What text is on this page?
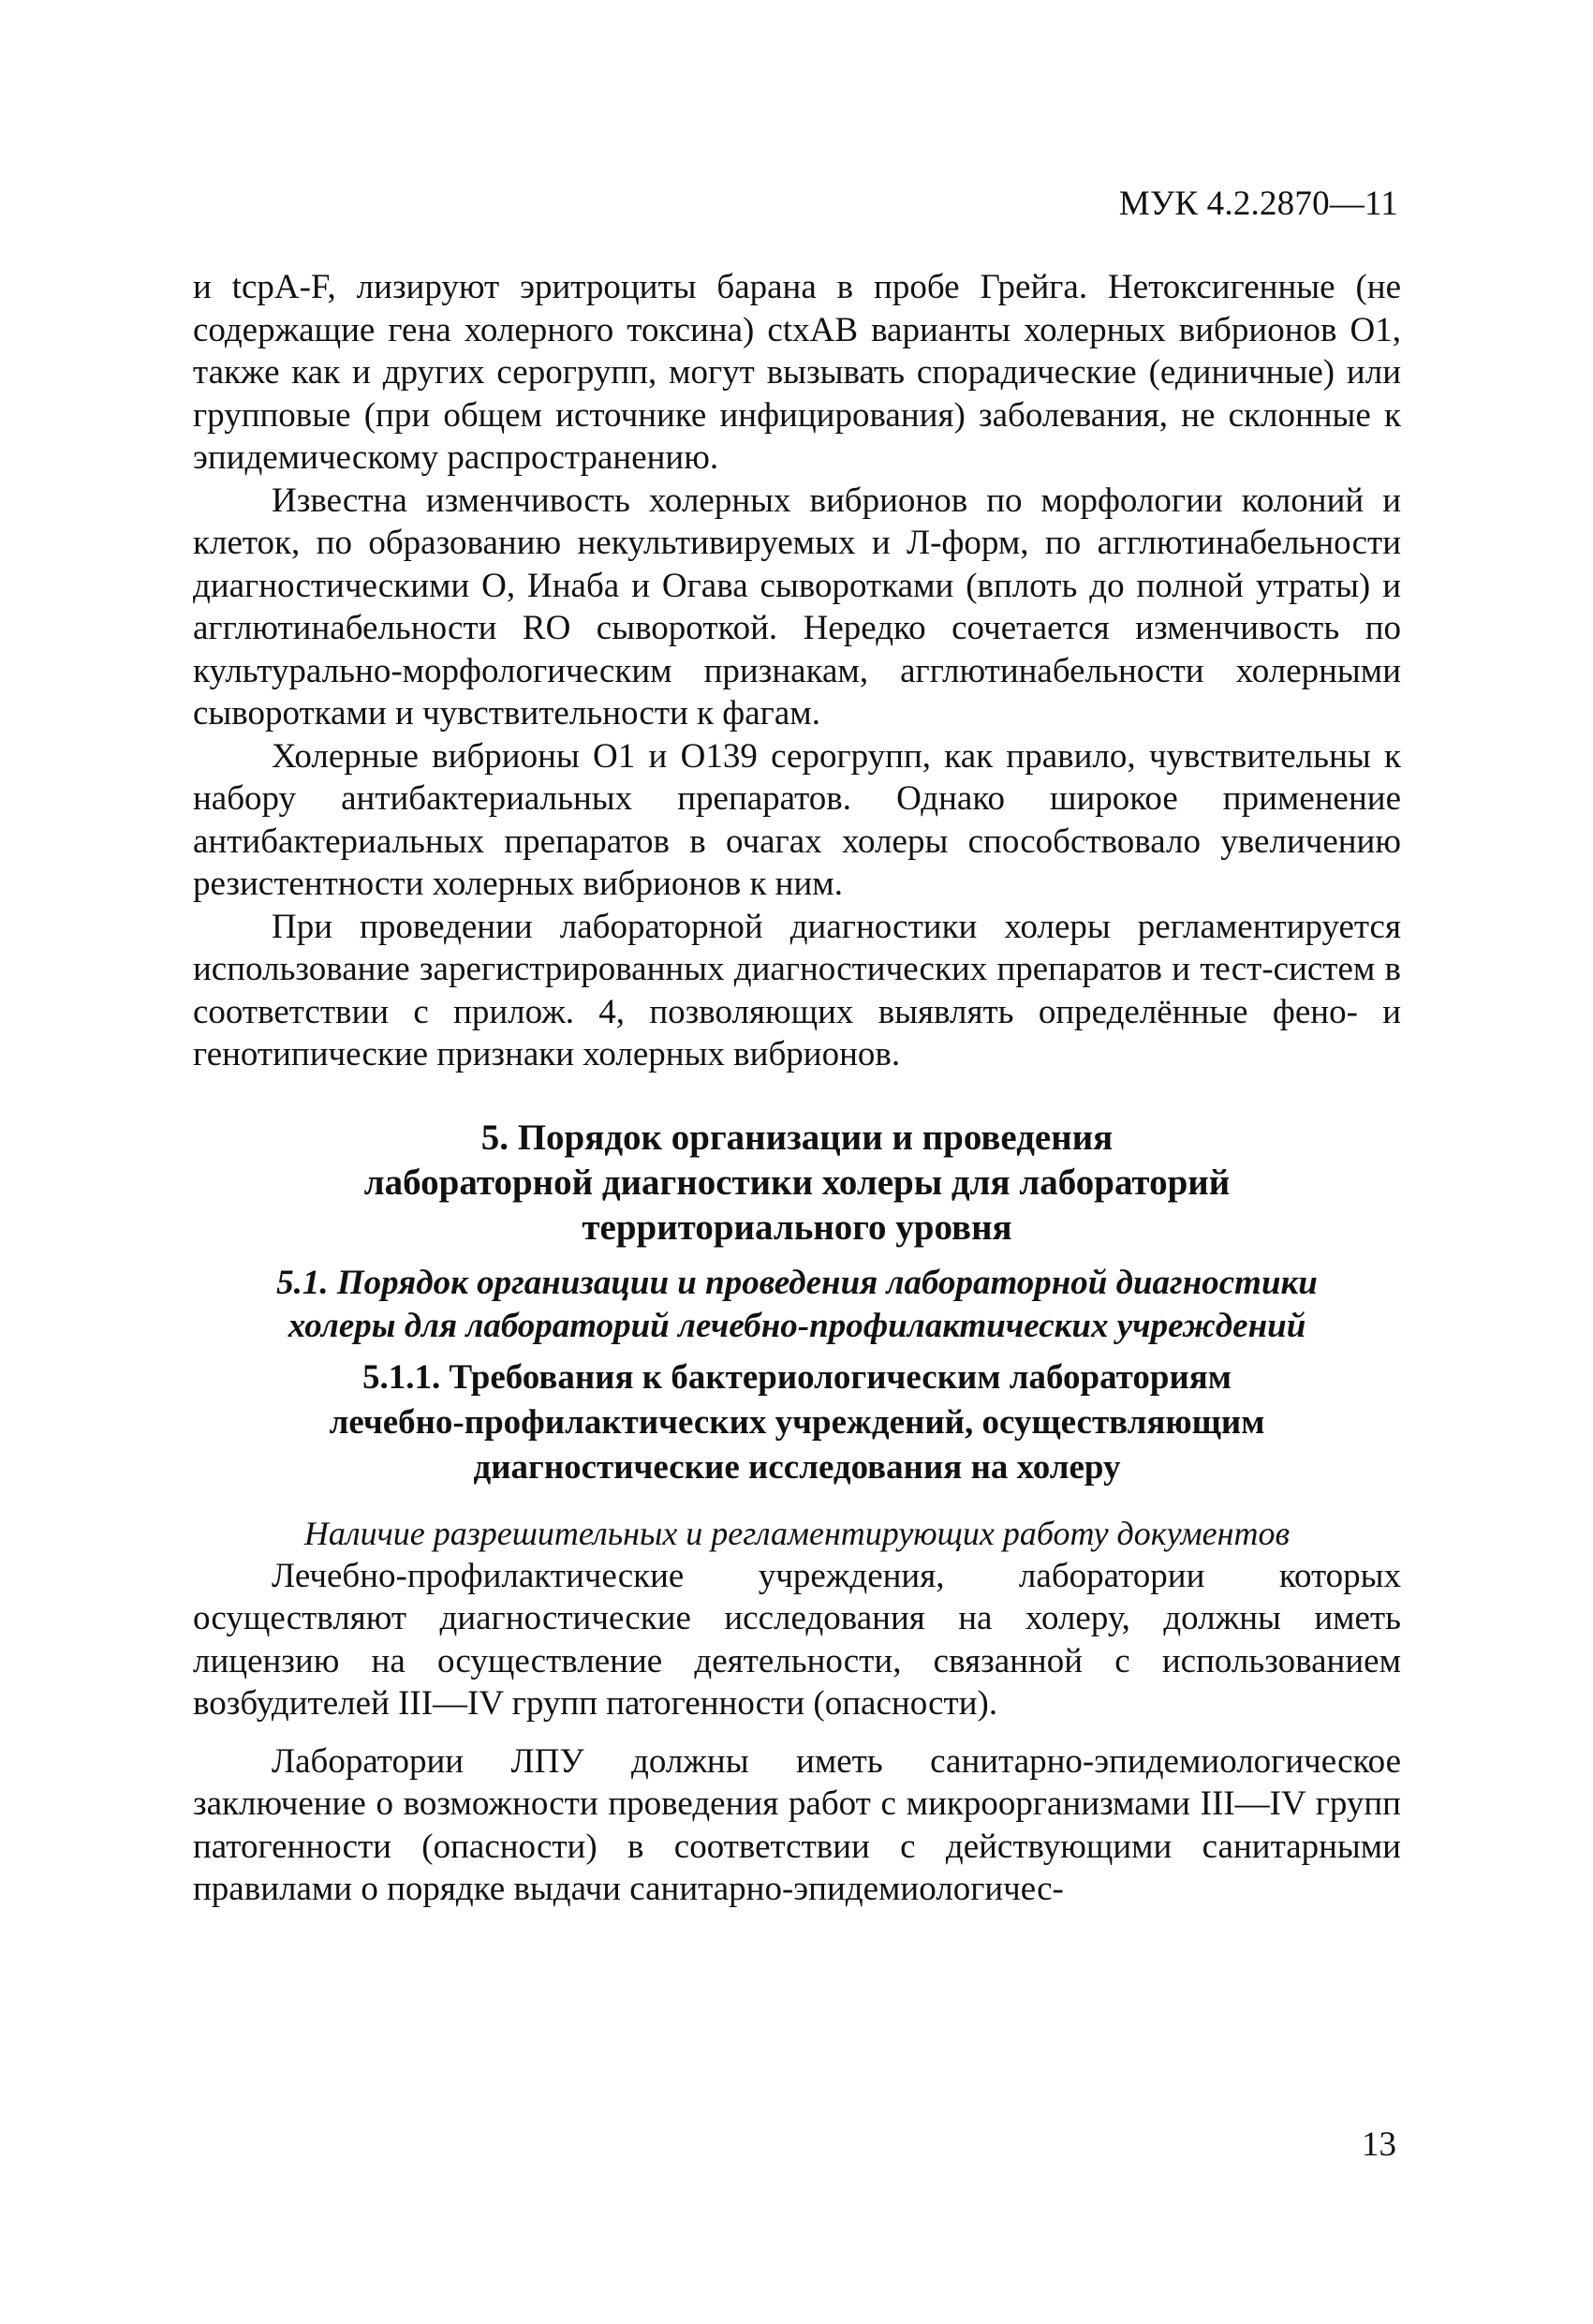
МУК 4.2.2870—11

и tcpA-F, лизируют эритроциты барана в пробе Грейга. Нетоксигенные (не содержащие гена холерного токсина) ctxAB варианты холерных вибрионов O1, также как и других серогрупп, могут вызывать спорадические (единичные) или групповые (при общем источнике инфицирования) заболевания, не склонные к эпидемическому распространению.

Известна изменчивость холерных вибрионов по морфологии колоний и клеток, по образованию некультивируемых и Л-форм, по агглютинабельности диагностическими О, Инаба и Огава сыворотками (вплоть до полной утраты) и агглютинабельности RO сывороткой. Нередко сочетается изменчивость по культурально-морфологическим признакам, агглютинабельности холерными сыворотками и чувствительности к фагам.

Холерные вибрионы O1 и O139 серогрупп, как правило, чувствительны к набору антибактериальных препаратов. Однако широкое применение антибактериальных препаратов в очагах холеры способствовало увеличению резистентности холерных вибрионов к ним.

При проведении лабораторной диагностики холеры регламентируется использование зарегистрированных диагностических препаратов и тест-систем в соответствии с прилож. 4, позволяющих выявлять определённые фено- и генотипические признаки холерных вибрионов.

5. Порядок организации и проведения
лабораторной диагностики холеры для лабораторий
территориального уровня
5.1. Порядок организации и проведения лабораторной диагностики
холеры для лабораторий лечебно-профилактических учреждений
5.1.1. Требования к бактериологическим лабораториям
лечебно-профилактических учреждений, осуществляющим
диагностические исследования на холеру

Наличие разрешительных и регламентирующих работу документов

Лечебно-профилактические учреждения, лаборатории которых осуществляют диагностические исследования на холеру, должны иметь лицензию на осуществление деятельности, связанной с использованием возбудителей III—IV групп патогенности (опасности).

Лаборатории ЛПУ должны иметь санитарно-эпидемиологическое заключение о возможности проведения работ с микроорганизмами III—IV групп патогенности (опасности) в соответствии с действующими санитарными правилами о порядке выдачи санитарно-эпидемиологичес-

13
